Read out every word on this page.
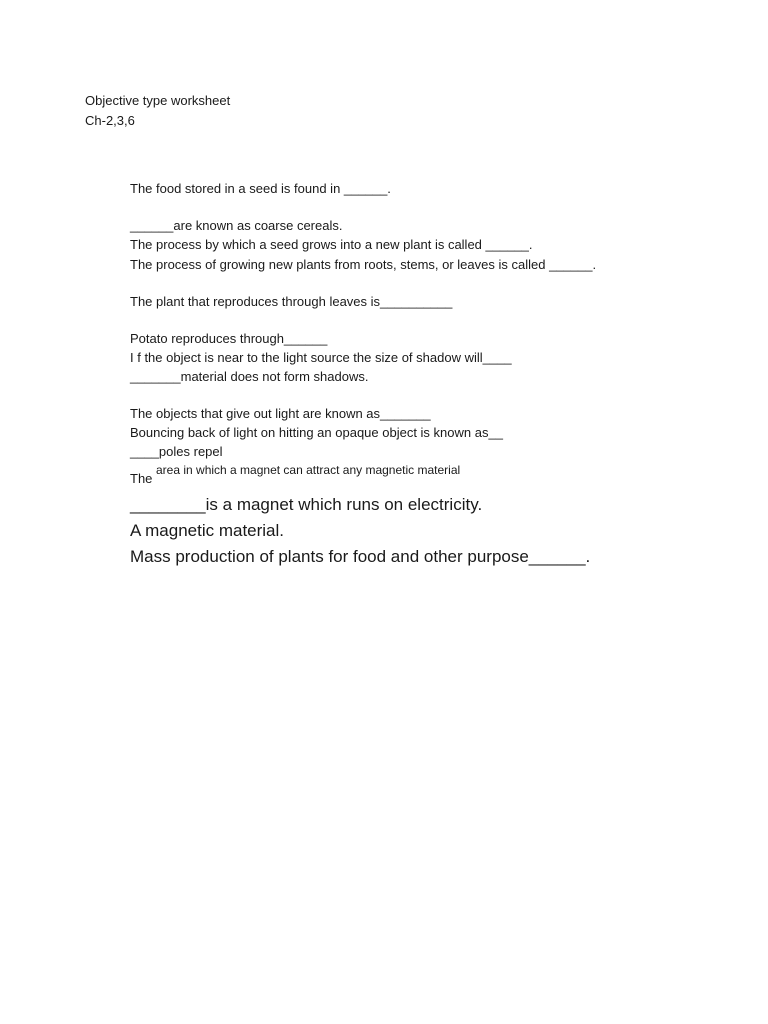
Objective type worksheet
Ch-2,3,6
The food stored in a seed is found in ______.
______are known as coarse cereals.
The process by which a seed grows into a new plant is called ______.
The process of growing new plants from roots, stems, or leaves is called ______.
The plant that reproduces through leaves is__________
Potato reproduces through______
I f the object is near to the light source the size of shadow will____
_______material does not form shadows.
The objects that give out light are known as_______
Bouncing back of light on hitting an opaque object is known as__
____poles repel
The
area in which a magnet can attract any magnetic material
________is a magnet which runs on electricity.
A magnetic material.
Mass production of plants for food and other purpose______.
